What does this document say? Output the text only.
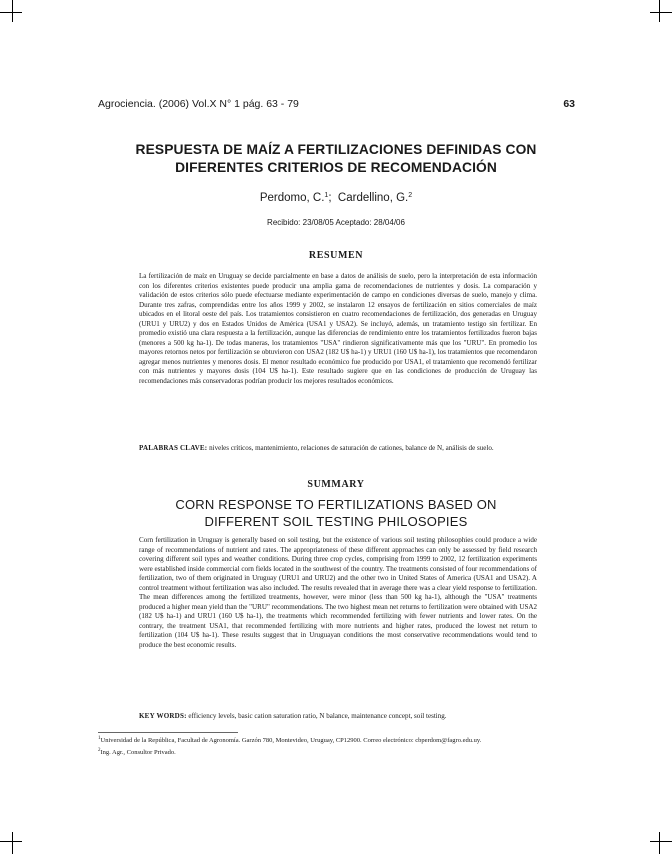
Agrociencia. (2006) Vol.X N° 1 pág. 63 - 79	63
RESPUESTA DE MAÍZ A FERTILIZACIONES DEFINIDAS CON
DIFERENTES CRITERIOS DE RECOMENDACIÓN
Perdomo, C.$^1$; Cardellino, G.$^2$
Recibido: 23/08/05 Aceptado: 28/04/06
RESUMEN

La fertilización de maíz en Uruguay se decide parcialmente en base a datos de análisis de suelo, pero la interpretación de esta información con los diferentes criterios existentes puede producir una amplia gama de recomendaciones de nutrientes y dosis. La comparación y validación de estos criterios sólo puede efectuarse mediante experimentación de campo en condiciones diversas de suelo, manejo y clima. Durante tres zafras, comprendidas entre los años 1999 y 2002, se instalaron 12 ensayos de fertilización en sitios comerciales de maíz ubicados en el litoral oeste del país. Los tratamientos consistieron en cuatro recomendaciones de fertilización, dos generadas en Uruguay (URU1 y URU2) y dos en Estados Unidos de América (USA1 y USA2). Se incluyó, además, un tratamiento testigo sin fertilizar. En promedio existió una clara respuesta a la fertilización, aunque las diferencias de rendimiento entre los tratamientos fertilizados fueron bajas (menores a 500 kg ha-1). De todas maneras, los tratamientos "USA" rindieron significativamente más que los "URU". En promedio los mayores retornos netos por fertilización se obtuvieron con USA2 (182 U$ ha-1) y URU1 (160 U$ ha-1), los tratamientos que recomendaron agregar menos nutrientes y menores dosis. El menor resultado económico fue producido por USA1, el tratamiento que recomendó fertilizar con más nutrientes y mayores dosis (104 U$ ha-1). Este resultado sugiere que en las condiciones de producción de Uruguay las recomendaciones más conservadoras podrían producir los mejores resultados económicos.

PALABRAS CLAVE: niveles críticos, mantenimiento, relaciones de saturación de cationes, balance de N, análisis de suelo.

SUMMARY
CORN RESPONSE TO FERTILIZATIONS BASED ON
DIFFERENT SOIL TESTING PHILOSOPIES

Corn fertilization in Uruguay is generally based on soil testing, but the existence of various soil testing philosophies could produce a wide range of recommendations of nutrient and rates. The appropriateness of these different approaches can only be assessed by field research covering different soil types and weather conditions. During three crop cycles, comprising from 1999 to 2002, 12 fertilization experiments were established inside commercial corn fields located in the southwest of the country. The treatments consisted of four recommendations of fertilization, two of them originated in Uruguay (URU1 and URU2) and the other two in United States of America (USA1 and USA2). A control treatment without fertilization was also included. The results revealed that in average there was a clear yield response to fertilization. The mean differences among the fertilized treatments, however, were minor (less than 500 kg ha-1), although the "USA" treatments produced a higher mean yield than the "URU" recommendations. The two highest mean net returns to fertilization were obtained with USA2 (182 U$ ha-1) and URU1 (160 U$ ha-1), the treatments which recommended fertilizing with fewer nutrients and lower rates. On the contrary, the treatment USA1, that recommended fertilizing with more nutrients and higher rates, produced the lowest net return to fertilization (104 U$ ha-1). These results suggest that in Uruguayan conditions the most conservative recommendations would tend to produce the best economic results.

KEY WORDS: efficiency levels, basic cation saturation ratio, N balance, maintenance concept, soil testing.

$^1$Universidad de la República, Facultad de Agronomía. Garzón 780, Montevideo, Uruguay, CP12900. Correo electrónico: cbperdom@fagro.edu.uy.

$^2$Ing. Agr., Consultor Privado.
